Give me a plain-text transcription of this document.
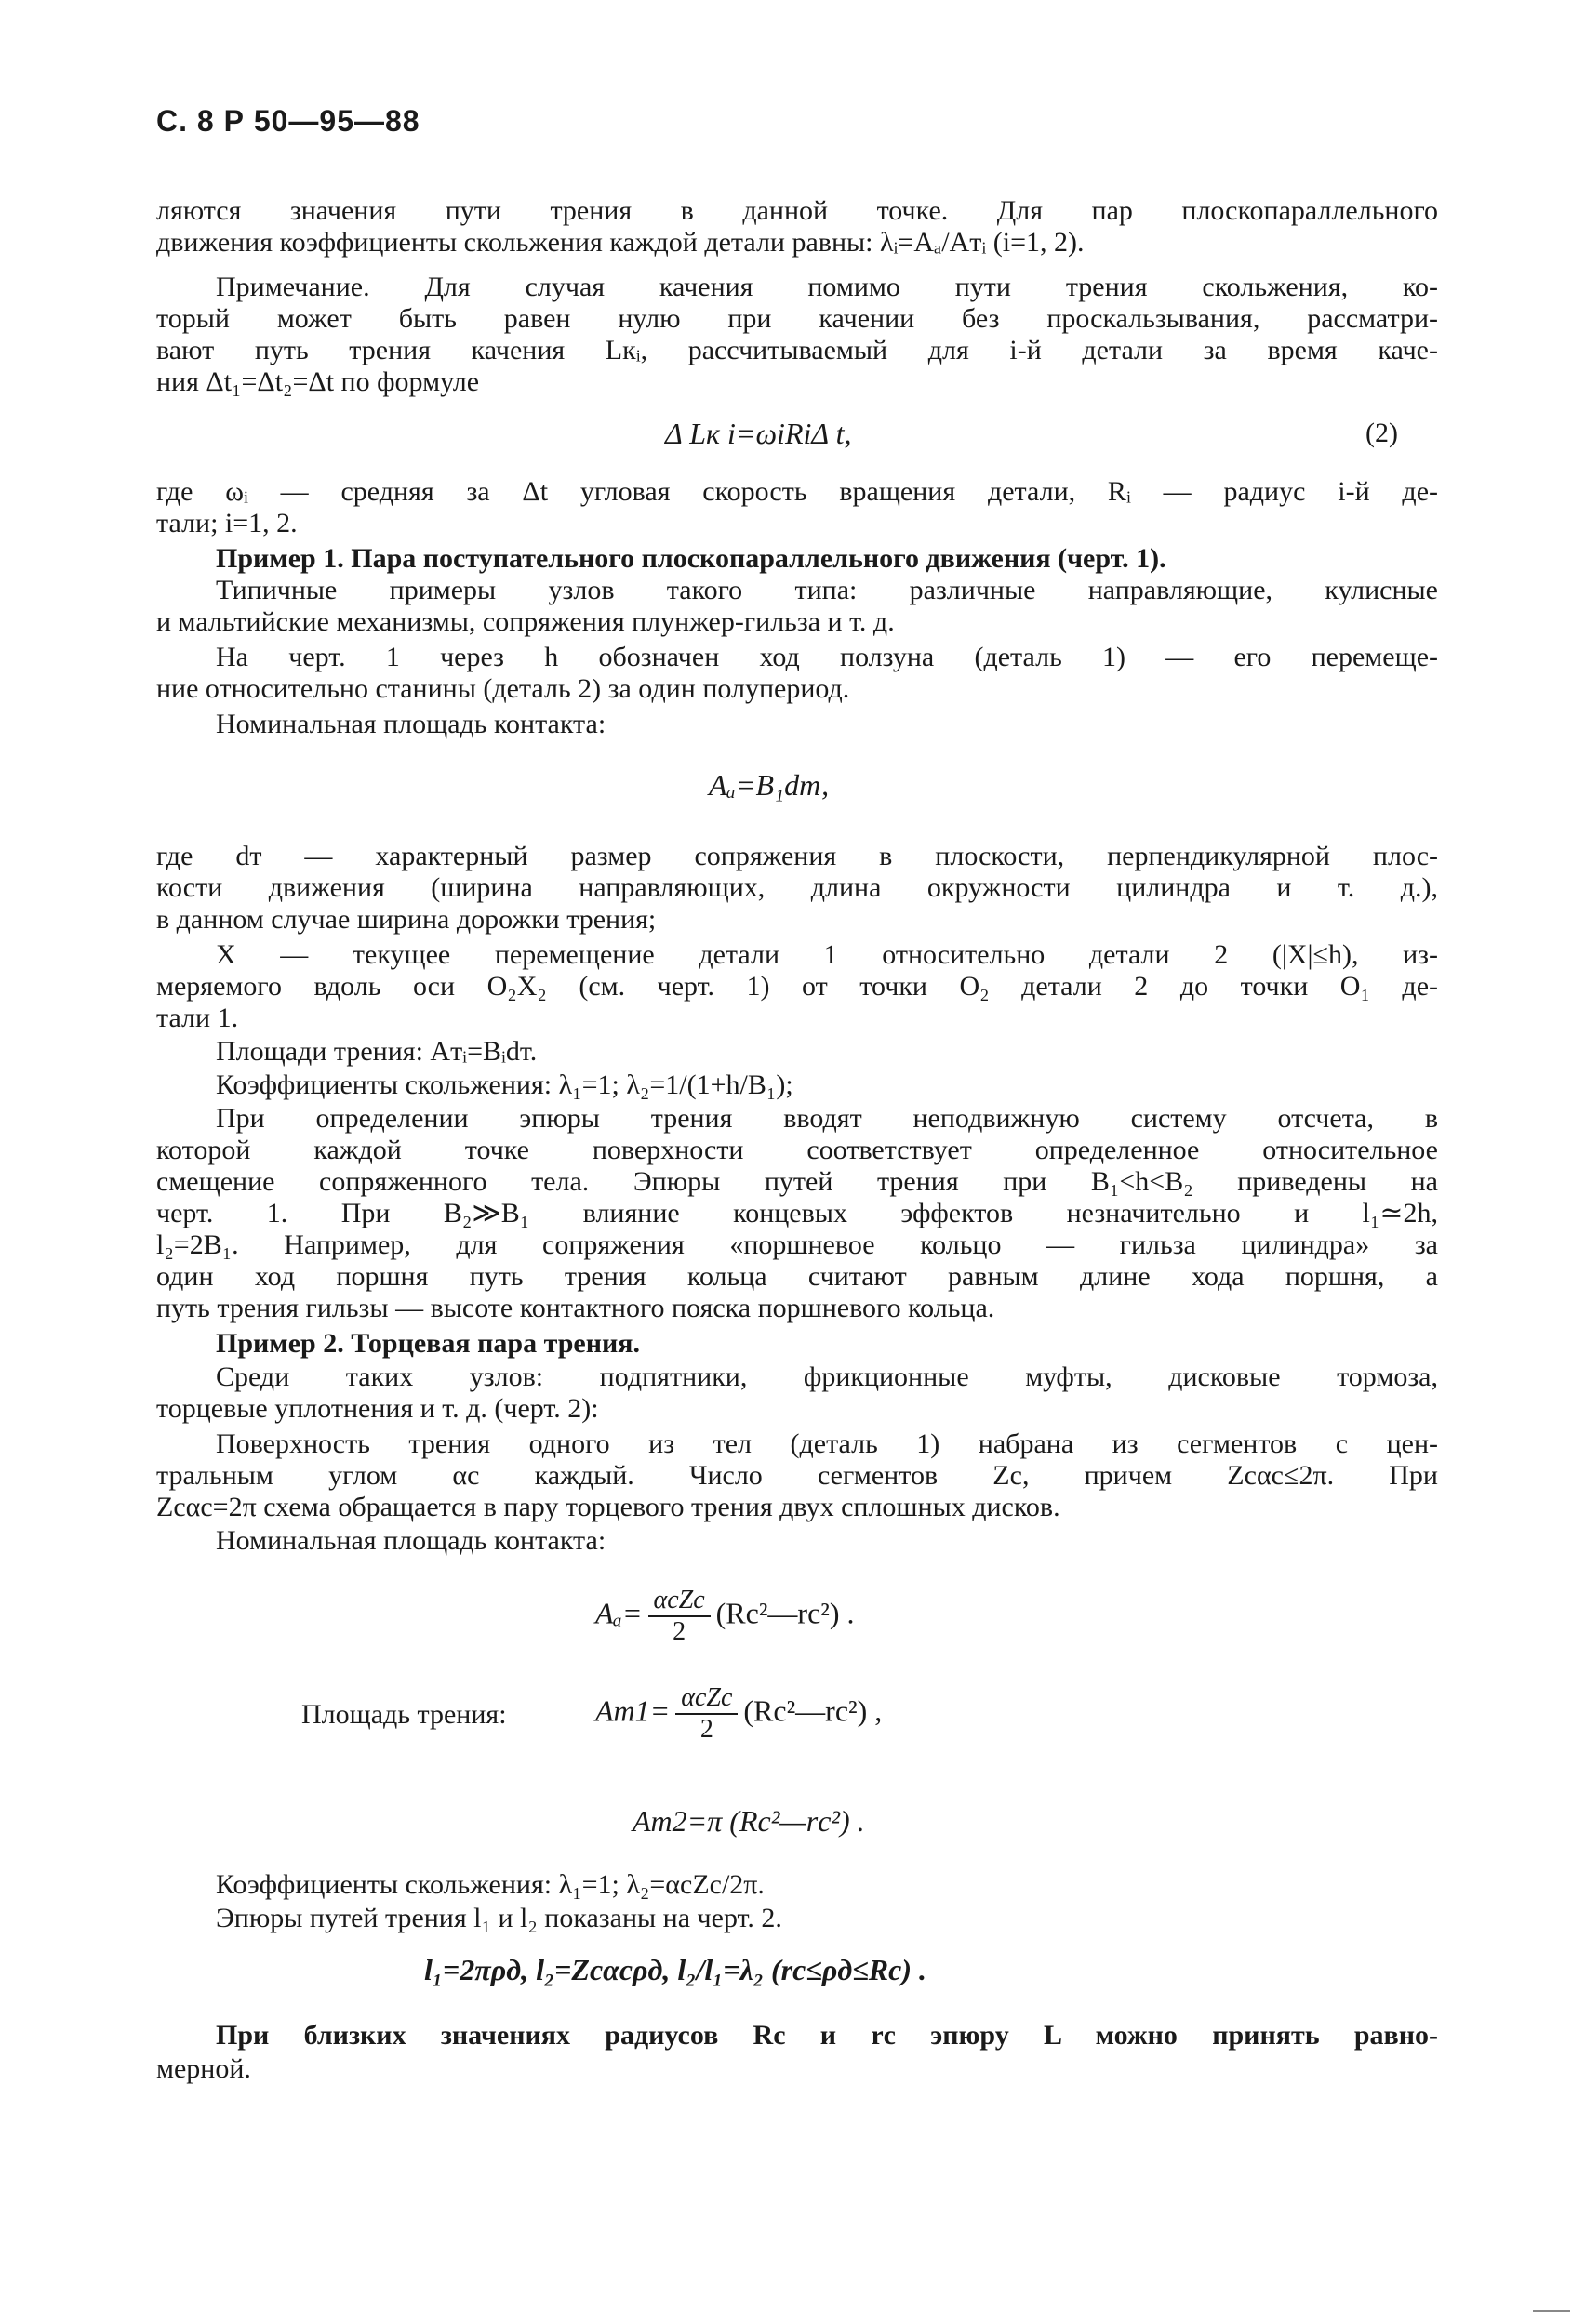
С. 8 Р 50—95—88
ляются значения пути трения в данной точке. Для пар плоскопараллельного
движения коэффициенты скольжения каждой детали равны: λᵢ=Aₐ/Aтᵢ (i=1, 2).
Примечание. Для случая качения помимо пути трения скольжения, ко-
торый может быть равен нулю при качении без проскальзывания, рассматри-
вают путь трения качения Lкᵢ, рассчитываемый для i-й детали за время каче-
ния Δt₁=Δt₂=Δt по формуле
Δ Lк i=ωiRiΔ t,	(2)
где ωᵢ — средняя за Δt угловая скорость вращения детали, Rᵢ — радиус i-й де-
тали; i=1, 2.
Пример 1. Пара поступательного плоскопараллельного движения (черт. 1).
Типичные примеры узлов такого типа: различные направляющие, кулисные
и мальтийские механизмы, сопряжения плунжер-гильза и т. д.
На черт. 1 через h обозначен ход ползуна (деталь 1) — его перемеще-
ние относительно станины (деталь 2) за один полупериод.
Номинальная площадь контакта:
Aₐ=B₁dт,
где dт — характерный размер сопряжения в плоскости, перпендикулярной плос-
кости движения (ширина направляющих, длина окружности цилиндра и т. д.),
в данном случае ширина дорожки трения;
X — текущее перемещение детали 1 относительно детали 2 (|X|≤h), из-
меряемого вдоль оси O₂X₂ (см. черт. 1) от точки O₂ детали 2 до точки O₁ де-
тали 1.
Площади трения: Aтᵢ=Bᵢdт.
Коэффициенты скольжения: λ₁=1; λ₂=1/(1+h/B₁);
При определении эпюры трения вводят неподвижную систему отсчета, в
которой каждой точке поверхности соответствует определенное относительное
смещение сопряженного тела. Эпюры путей трения при B₁<h<B₂ приведены на
черт. 1. При B₂≫B₁ влияние концевых эффектов незначительно и l₁≃2h,
l₂=2B₁. Например, для сопряжения «поршневое кольцо — гильза цилиндра» за
один ход поршня путь трения кольца считают равным длине хода поршня, а
путь трения гильзы — высоте контактного пояска поршневого кольца.
Пример 2. Торцевая пара трения.
Среди таких узлов: подпятники, фрикционные муфты, дисковые тормоза,
торцевые уплотнения и т. д. (черт. 2):
Поверхность трения одного из тел (деталь 1) набрана из сегментов с цен-
тральным углом αс каждый. Число сегментов Zс, причем Zсαс≤2π. При
Zсαс=2π схема обращается в пару торцевого трения двух сплошных дисков.
Номинальная площадь контакта:
$A_a= \frac{\text{αсZс}}{2}$ (Rс²—rс²) .
Площадь трения:	$Aт1= \frac{\text{αсZс}}{2}$ (Rс²—rс²) ,
Aт2=π (Rс²—rс²) .
Коэффициенты скольжения: λ₁=1; λ₂=αсZс/2π.
Эпюры путей трения l₁ и l₂ показаны на черт. 2.
l₁=2πρд, l₂=Zсαсρд, l₂/l₁=λ₂ (rс≤ρд≤Rс) .
При близких значениях радиусов Rс и rс эпюру L можно принять равно-
мерной.
